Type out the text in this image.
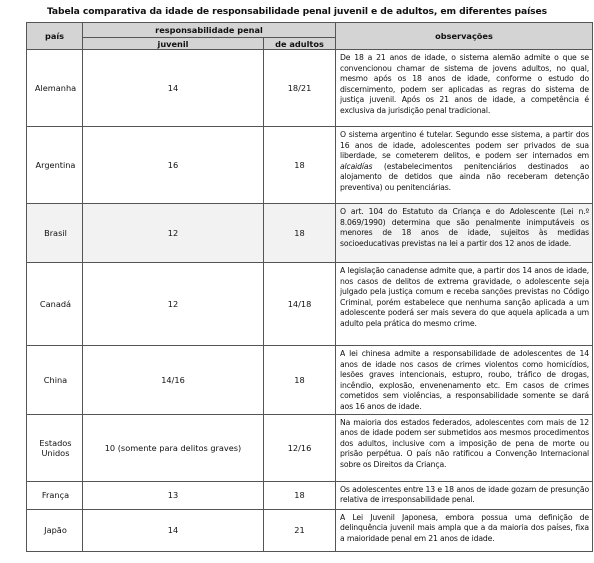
Tabela comparativa da idade de responsabilidade penal juvenil e de adultos, em diferentes países
país	responsabilidade penal		observações
	juvenil	de adultos	
Alemanha	14	18/21	De 18 a 21 anos de idade, o sistema alemão admite o que se convencionou chamar de sistema de jovens adultos, no qual, mesmo após os 18 anos de idade, conforme o estudo do discernimento, podem ser aplicadas as regras do sistema de justiça juvenil. Após os 21 anos de idade, a competência é exclusiva da jurisdição penal tradicional.
Argentina	16	18	O sistema argentino é tutelar. Segundo esse sistema, a partir dos 16 anos de idade, adolescentes podem ser privados de sua liberdade, se cometerem delitos, e podem ser internados em alcaidías (estabelecimentos penitenciários destinados ao alojamento de detidos que ainda não receberam detenção preventiva) ou penitenciárias.
Brasil	12	18	O art. 104 do Estatuto da Criança e do Adolescente (Lei n.º 8.069/1990) determina que são penalmente inimputáveis os menores de 18 anos de idade, sujeitos às medidas socioeducativas previstas na lei a partir dos 12 anos de idade.
Canadá	12	14/18	A legislação canadense admite que, a partir dos 14 anos de idade, nos casos de delitos de extrema gravidade, o adolescente seja julgado pela justiça comum e receba sanções previstas no Código Criminal, porém estabelece que nenhuma sanção aplicada a um adolescente poderá ser mais severa do que aquela aplicada a um adulto pela prática do mesmo crime.
China	14/16	18	A lei chinesa admite a responsabilidade de adolescentes de 14 anos de idade nos casos de crimes violentos como homicídios, lesões graves intencionais, estupro, roubo, tráfico de drogas, incêndio, explosão, envenenamento etc. Em casos de crimes cometidos sem violências, a responsabilidade somente se dará aos 16 anos de idade.
Estados Unidos	10 (somente para delitos graves)	12/16	Na maioria dos estados federados, adolescentes com mais de 12 anos de idade podem ser submetidos aos mesmos procedimentos dos adultos, inclusive com a imposição de pena de morte ou prisão perpétua. O país não ratificou a Convenção Internacional sobre os Direitos da Criança.
França	13	18	Os adolescentes entre 13 e 18 anos de idade gozam de presunção relativa de irresponsabilidade penal.
Japão	14	21	A Lei Juvenil Japonesa, embora possua uma definição de delinquência juvenil mais ampla que a da maioria dos países, fixa a maioridade penal em 21 anos de idade.
